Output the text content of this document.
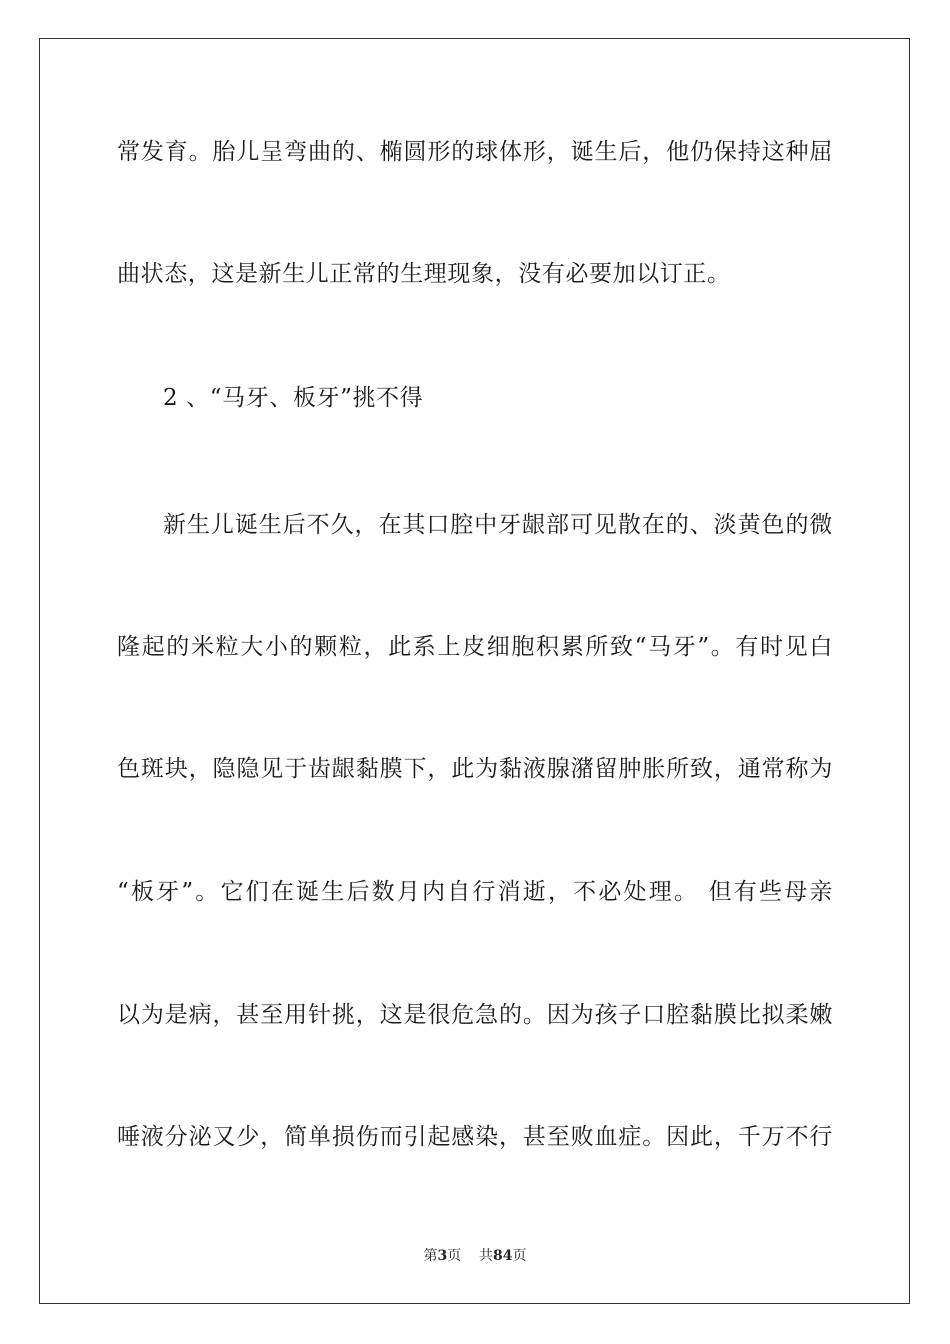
常发育。胎儿呈弯曲的、椭圆形的球体形，诞生后，他仍保持这种屈
曲状态，这是新生儿正常的生理现象，没有必要加以订正。
2 、“马牙、板牙”挑不得
新生儿诞生后不久，在其口腔中牙龈部可见散在的、淡黄色的微
隆起的米粒大小的颗粒，此系上皮细胞积累所致“马牙”。有时见白
色斑块，隐隐见于齿龈黏膜下，此为黏液腺潴留肿胀所致，通常称为
“板牙”。它们在诞生后数月内自行消逝，不必处理。 但有些母亲
以为是病，甚至用针挑，这是很危急的。因为孩子口腔黏膜比拟柔嫩
唾液分泌又少，简单损伤而引起感染，甚至败血症。因此，千万不行
第3页 共84页
